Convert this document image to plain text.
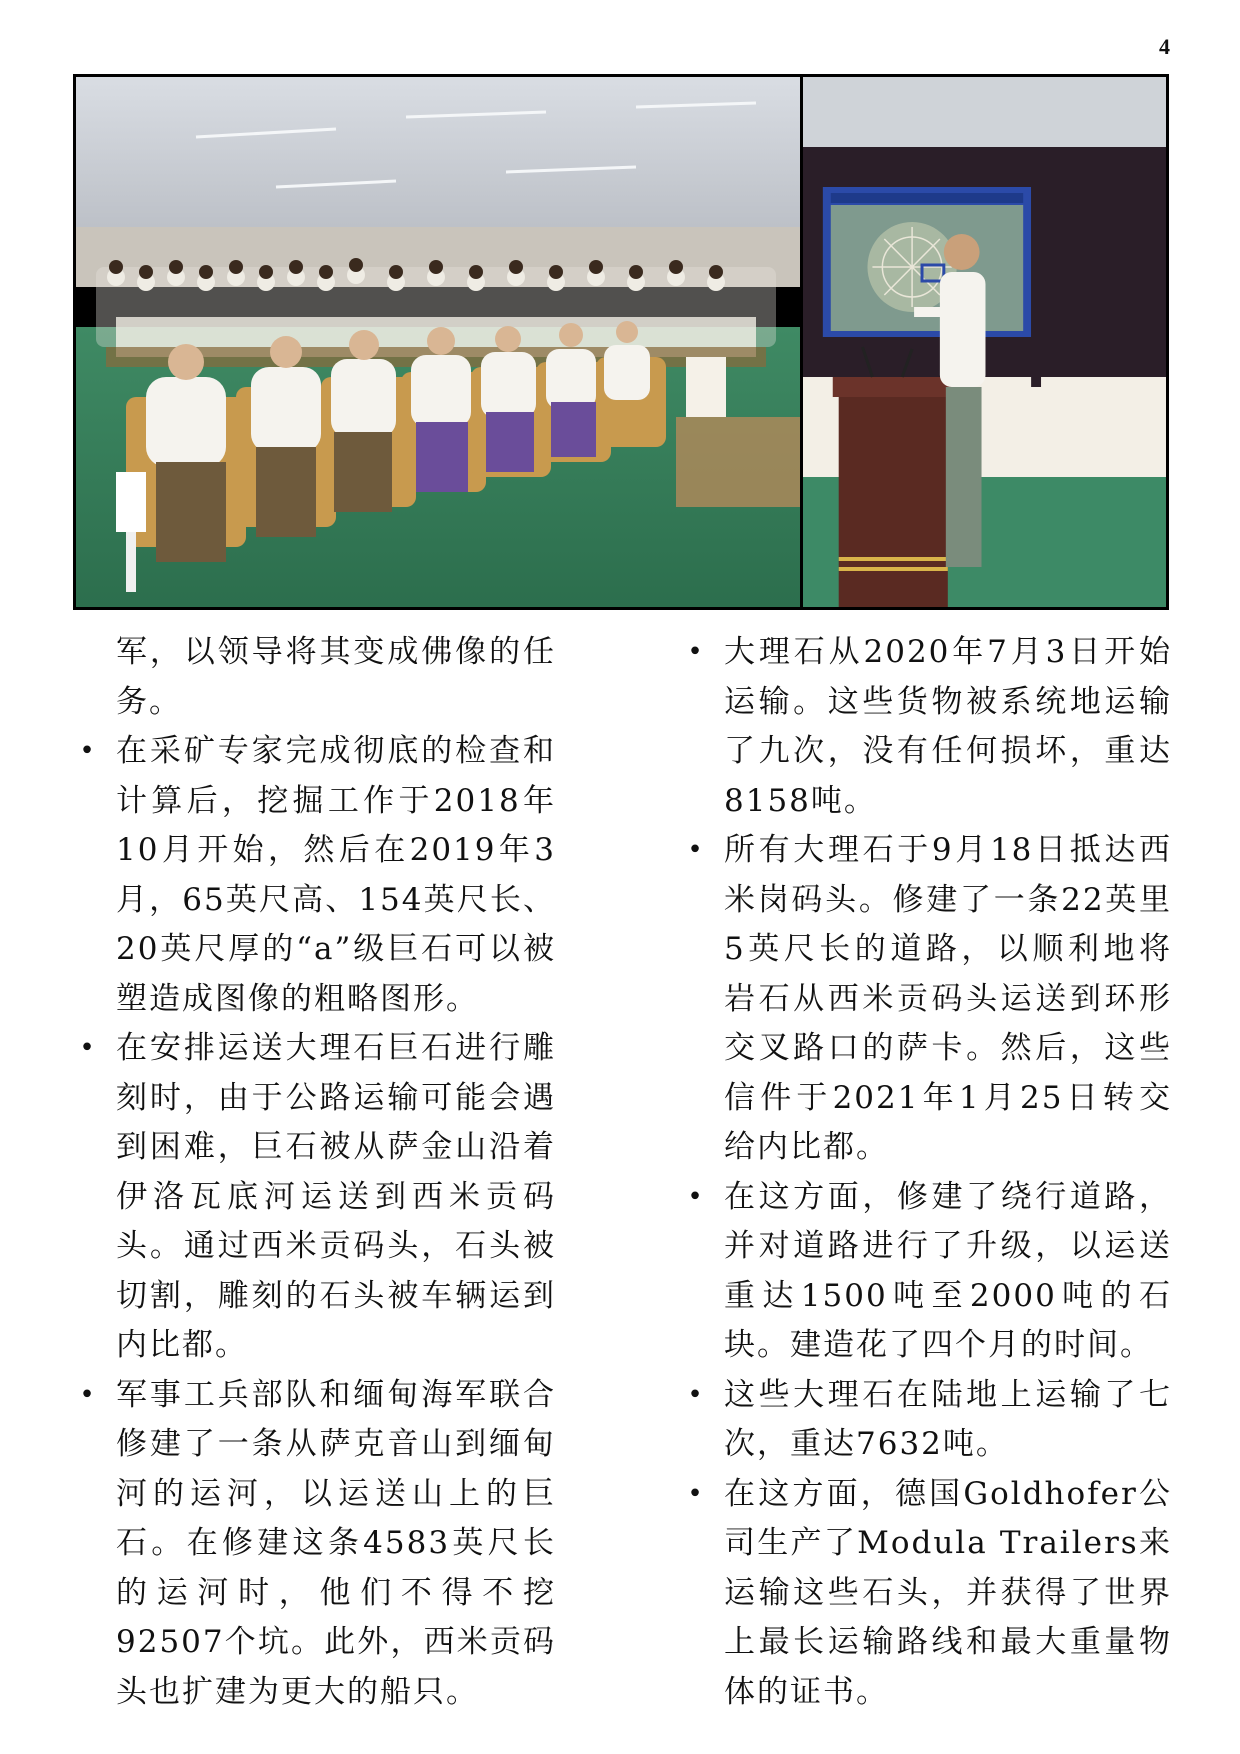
4

军，以领导将其变成佛像的任务。

• 在采矿专家完成彻底的检查和计算后，挖掘工作于2018年10月开始，然后在2019年3月，65英尺高、154英尺长、20英尺厚的“a”级巨石可以被塑造成图像的粗略图形。

• 在安排运送大理石巨石进行雕刻时，由于公路运输可能会遇到困难，巨石被从萨金山沿着伊洛瓦底河运送到西米贡码头。通过西米贡码头，石头被切割，雕刻的石头被车辆运到内比都。

• 军事工兵部队和缅甸海军联合修建了一条从萨克音山到缅甸河的运河，以运送山上的巨石。在修建这条4583英尺长的运河时，他们不得不挖92507个坑。此外，西米贡码头也扩建为更大的船只。

• 大理石从2020年7月3日开始运输。这些货物被系统地运输了九次，没有任何损坏，重达8158吨。

• 所有大理石于9月18日抵达西米岗码头。修建了一条22英里5英尺长的道路，以顺利地将岩石从西米贡码头运送到环形交叉路口的萨卡。然后，这些信件于2021年1月25日转交给内比都。

• 在这方面，修建了绕行道路，并对道路进行了升级，以运送重达1500吨至2000吨的石块。建造花了四个月的时间。

• 这些大理石在陆地上运输了七次，重达7632吨。

• 在这方面，德国Goldhofer公司生产了Modula Trailers来运输这些石头，并获得了世界上最长运输路线和最大重量物体的证书。
